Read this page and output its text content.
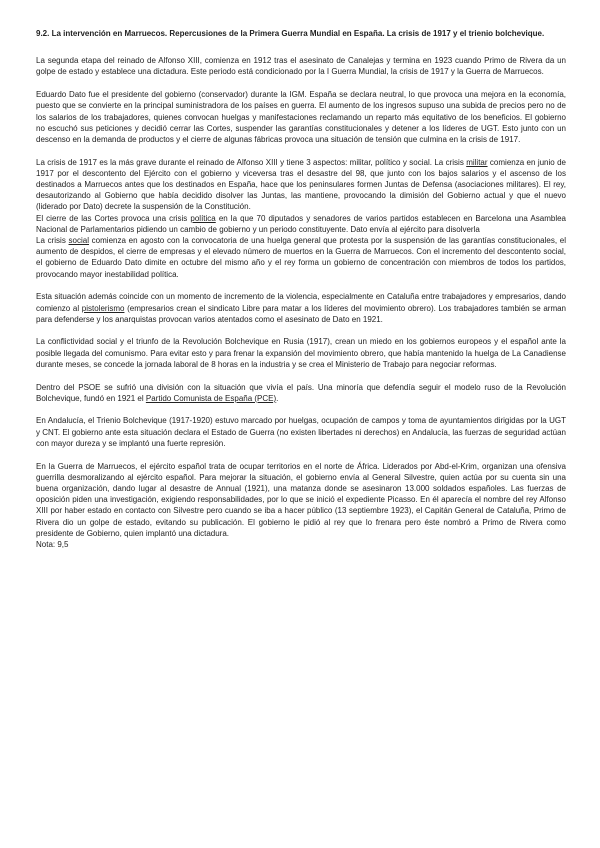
9.2. La intervención en Marruecos. Repercusiones de la Primera Guerra Mundial en España. La crisis de 1917 y el trienio bolchevique.

La segunda etapa del reinado de Alfonso XIII, comienza en 1912 tras el asesinato de Canalejas y termina en 1923 cuando Primo de Rivera da un golpe de estado y establece una dictadura. Este periodo está condicionado por la I Guerra Mundial, la crisis de 1917 y la Guerra de Marruecos.

Eduardo Dato fue el presidente del gobierno (conservador) durante la IGM. España se declara neutral, lo que provoca una mejora en la economía, puesto que se convierte en la principal suministradora de los países en guerra. El aumento de los ingresos supuso una subida de precios pero no de los salarios de los trabajadores, quienes convocan huelgas y manifestaciones reclamando un reparto más equitativo de los beneficios. El gobierno no escuchó sus peticiones y decidió cerrar las Cortes, suspender las garantías constitucionales y detener a los líderes de UGT. Esto junto con un descenso en la demanda de productos y el cierre de algunas fábricas provoca una situación de tensión que culmina en la crisis de 1917.

La crisis de 1917 es la más grave durante el reinado de Alfonso XIII y tiene 3 aspectos: militar, político y social. La crisis militar comienza en junio de 1917 por el descontento del Ejército con el gobierno y viceversa tras el desastre del 98, que junto con los bajos salarios y el ascenso de los destinados a Marruecos antes que los destinados en España, hace que los peninsulares formen Juntas de Defensa (asociaciones militares). El rey, desautorizando al Gobierno que había decidido disolver las Juntas, las mantiene, provocando la dimisión del Gobierno actual y que el nuevo (liderado por Dato) decrete la suspensión de la Constitución.

El cierre de las Cortes provoca una crisis política en la que 70 diputados y senadores de varios partidos establecen en Barcelona una Asamblea Nacional de Parlamentarios pidiendo un cambio de gobierno y un periodo constituyente. Dato envía al ejército para disolverla

La crisis social comienza en agosto con la convocatoria de una huelga general que protesta por la suspensión de las garantías constitucionales, el aumento de despidos, el cierre de empresas y el elevado número de muertos en la Guerra de Marruecos. Con el incremento del descontento social, el gobierno de Eduardo Dato dimite en octubre del mismo año y el rey forma un gobierno de concentración con miembros de todos los partidos, provocando mayor inestabilidad política.

Esta situación además coincide con un momento de incremento de la violencia, especialmente en Cataluña entre trabajadores y empresarios, dando comienzo al pistolerismo (empresarios crean el sindicato Libre para matar a los líderes del movimiento obrero). Los trabajadores también se arman para defenderse y los anarquistas provocan varios atentados como el asesinato de Dato en 1921.

La conflictividad social y el triunfo de la Revolución Bolchevique en Rusia (1917), crean un miedo en los gobiernos europeos y el español ante la posible llegada del comunismo. Para evitar esto y para frenar la expansión del movimiento obrero, que había mantenido la huelga de La Canadiense durante meses, se concede la jornada laboral de 8 horas en la industria y se crea el Ministerio de Trabajo para negociar reformas.

Dentro del PSOE se sufrió una división con la situación que vivía el país. Una minoría que defendía seguir el modelo ruso de la Revolución Bolchevique, fundó en 1921 el Partido Comunista de España (PCE).

En Andalucía, el Trienio Bolchevique (1917-1920) estuvo marcado por huelgas, ocupación de campos y toma de ayuntamientos dirigidas por la UGT y CNT. El gobierno ante esta situación declara el Estado de Guerra (no existen libertades ni derechos) en Andalucía, las fuerzas de seguridad actúan con mayor dureza y se implantó una fuerte represión.

En la Guerra de Marruecos, el ejército español trata de ocupar territorios en el norte de África. Liderados por Abd-el-Krim, organizan una ofensiva guerrilla desmoralizando al ejército español. Para mejorar la situación, el gobierno envía al General Silvestre, quien actúa por su cuenta sin una buena organización, dando lugar al desastre de Annual (1921), una matanza donde se asesinaron 13.000 soldados españoles. Las fuerzas de oposición piden una investigación, exigiendo responsabilidades, por lo que se inició el expediente Picasso. En él aparecía el nombre del rey Alfonso XIII por haber estado en contacto con Silvestre pero cuando se iba a hacer público (13 septiembre 1923), el Capitán General de Cataluña, Primo de Rivera dio un golpe de estado, evitando su publicación. El gobierno le pidió al rey que lo frenara pero éste nombró a Primo de Rivera como presidente de Gobierno, quien implantó una dictadura.

Nota: 9,5
